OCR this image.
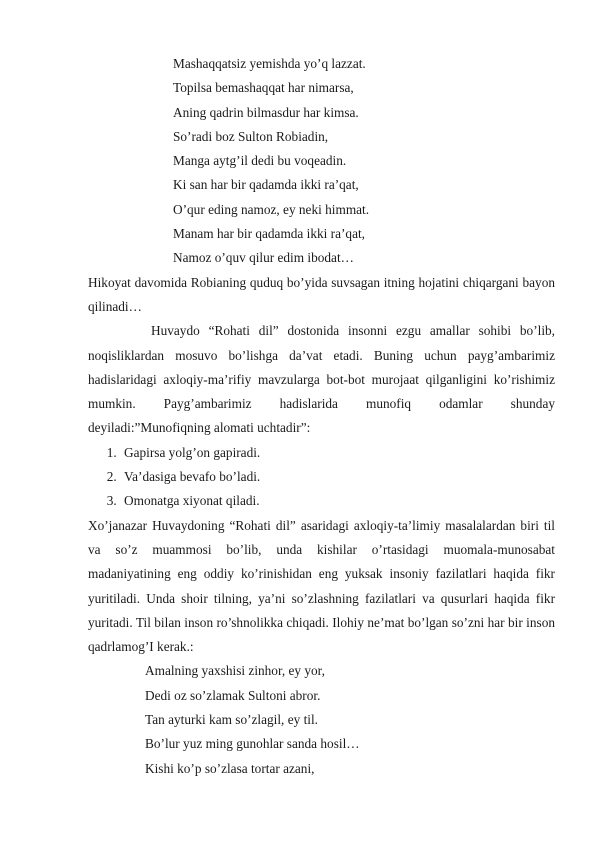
Mashaqqatsiz yemishda yo’q lazzat.
Topilsa bemashaqqat har nimarsa,
Aning qadrin bilmasdur har kimsa.
So’radi boz Sulton Robiadin,
Manga aytg’il dedi bu voqeadin.
Ki san har bir qadamda ikki ra’qat,
O’qur eding namoz, ey neki himmat.
Manam har bir qadamda ikki ra’qat,
Namoz o’quv qilur edim ibodat…

Hikoyat davomida Robianing quduq bo’yida suvsagan itning hojatini chiqargani bayon qilinadi…

Huvaydo “Rohati dil” dostonida insonni ezgu amallar sohibi bo’lib, noqisliklardan mosuvo bo’lishga da’vat etadi. Buning uchun payg’ambarimiz hadislaridagi axloqiy-ma’rifiy mavzularga bot-bot murojaat qilganligini ko’rishimiz mumkin. Payg’ambarimiz hadislarida munofiq odamlar shunday deyiladi:”Munofiqning alomati uchtadir”:

1. Gapirsa yolg’on gapiradi.
2. Va’dasiga bevafo bo’ladi.
3. Omonatga xiyonat qiladi.

Xo’janazar Huvaydoning “Rohati dil” asaridagi axloqiy-ta’limiy masalalardan biri til va so’z muammosi bo’lib, unda kishilar o’rtasidagi muomala-munosabat madaniyatining eng oddiy ko’rinishidan eng yuksak insoniy fazilatlari haqida fikr yuritiladi. Unda shoir tilning, ya’ni so’zlashning fazilatlari va qusurlari haqida fikr yuritadi. Til bilan inson ro’shnolikka chiqadi. Ilohiy ne’mat bo’lgan so’zni har bir inson qadrlamog’I kerak.:

Amalning yaxshisi zinhor, ey yor,
Dedi oz so’zlamak Sultoni abror.
Tan ayturki kam so’zlagil, ey til.
Bo’lur yuz ming gunohlar sanda hosil…
Kishi ko’p so’zlasa tortar azani,
